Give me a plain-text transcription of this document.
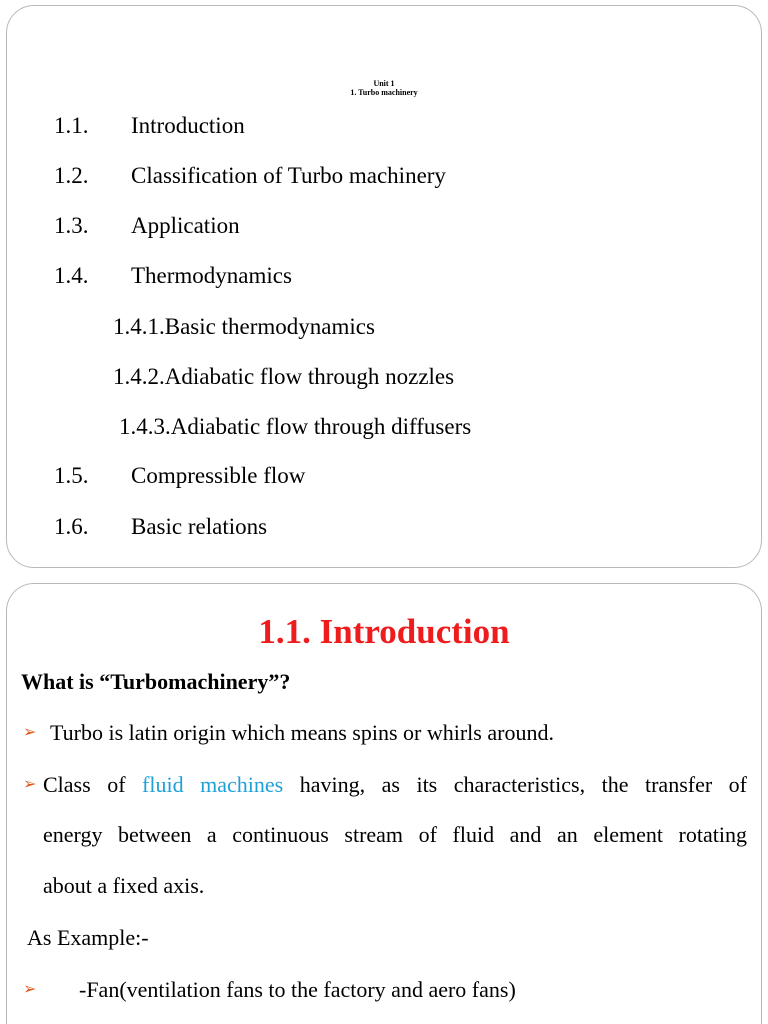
Unit 1
1. Turbo machinery
1.1. Introduction
1.2. Classification of Turbo machinery
1.3. Application
1.4. Thermodynamics
1.4.1.Basic thermodynamics
1.4.2.Adiabatic flow through nozzles
1.4.3.Adiabatic flow through diffusers
1.5. Compressible flow
1.6. Basic relations
1.1. Introduction
What is “Turbomachinery”?
➢ Turbo is latin origin which means spins or whirls around.
➢ Class of fluid machines having, as its characteristics, the transfer of
energy between a continuous stream of fluid and an element rotating
about a fixed axis.
As Example:-
➢ -Fan(ventilation fans to the factory and aero fans)
